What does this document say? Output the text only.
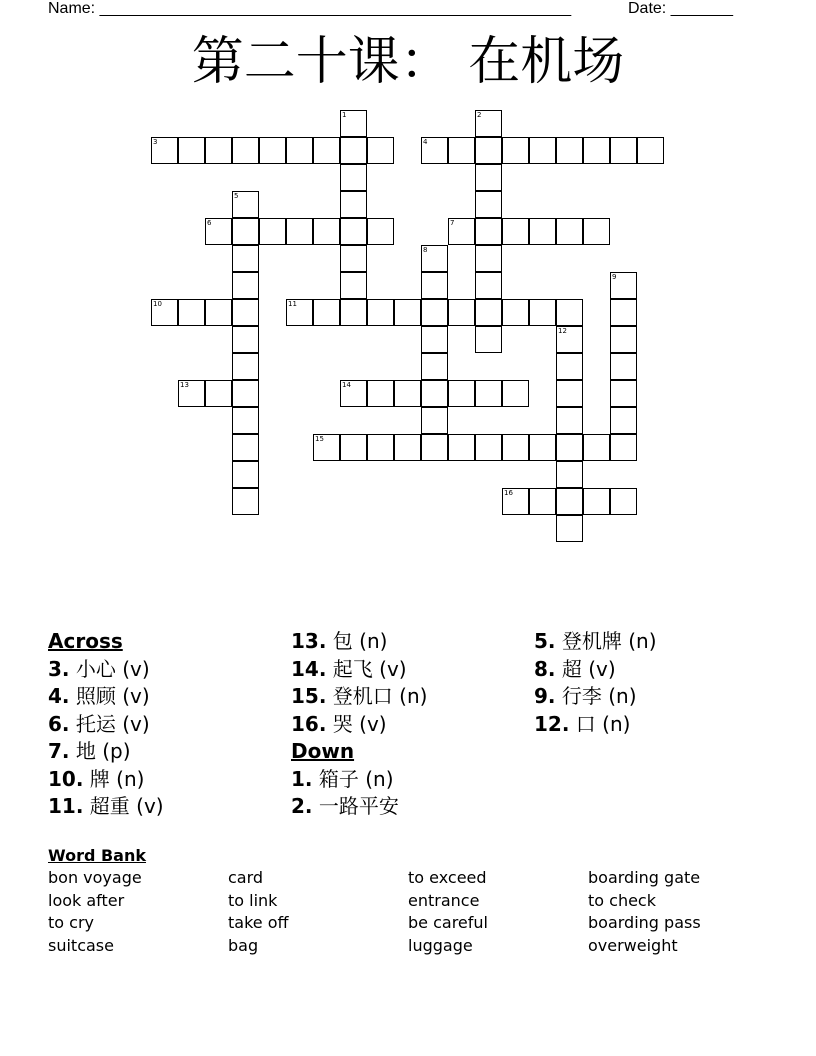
Name: _____________________________________________________	Date: _______
第二十课： 在机场
1	2
3	4
5
6	7
8
9
10	11
12
13	14
15
16
Across
3. 小心 (v)
4. 照顾 (v)
6. 托运 (v)
7. 地 (p)
10. 牌 (n)
11. 超重 (v)
13. 包 (n)
14. 起飞 (v)
15. 登机口 (n)
16. 哭 (v)
Down
1. 箱子 (n)
2. 一路平安
5. 登机牌 (n)
8. 超 (v)
9. 行李 (n)
12. 口 (n)
Word Bank
bon voyage	card	to exceed	boarding gate
look after	to link	entrance	to check
to cry	take off	be careful	boarding pass
suitcase	bag	luggage	overweight
